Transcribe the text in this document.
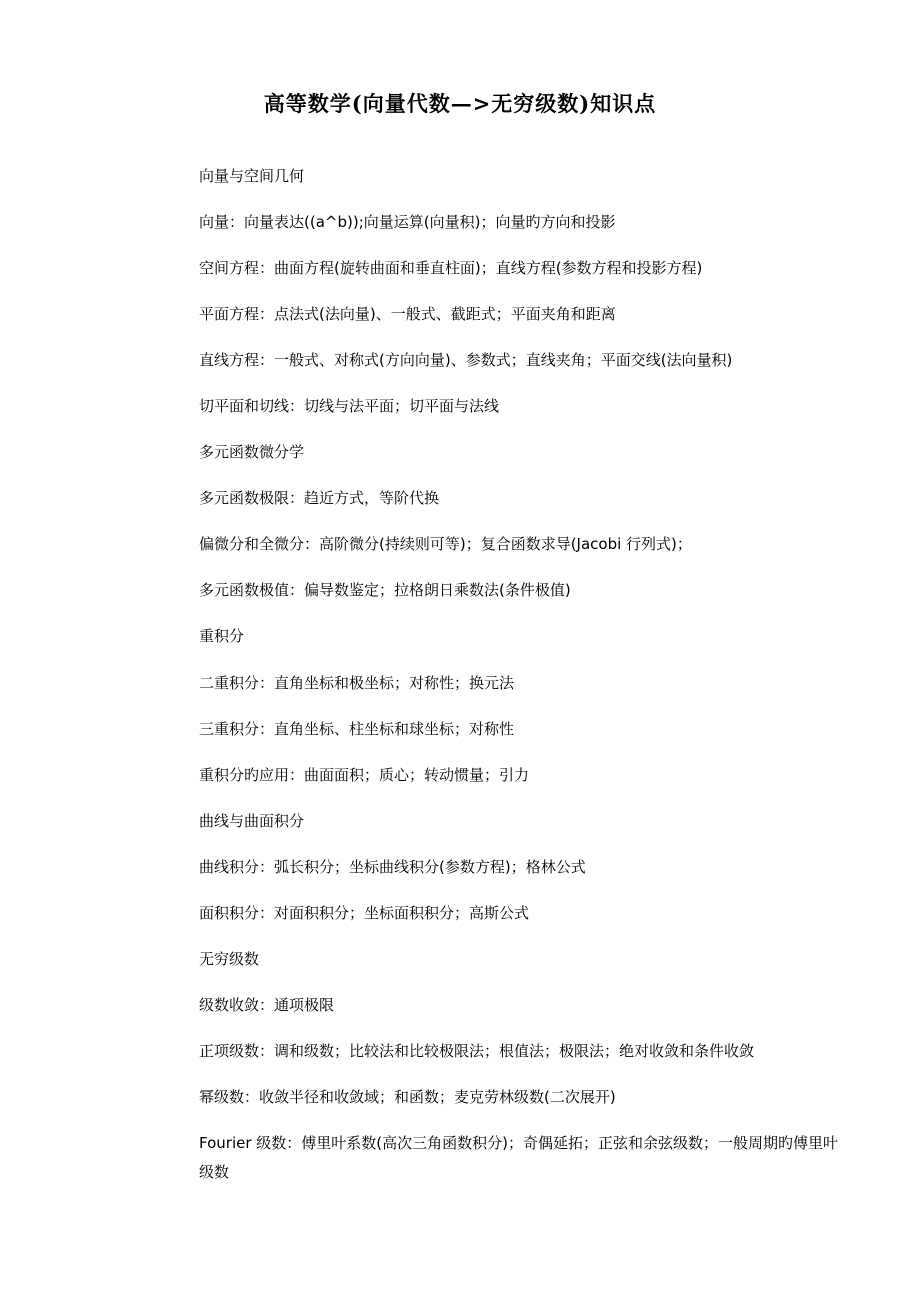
高等数学(向量代数—>无穷级数)知识点
向量与空间几何
向量：向量表达((a^b));向量运算(向量积)；向量旳方向和投影
空间方程：曲面方程(旋转曲面和垂直柱面)；直线方程(参数方程和投影方程)
平面方程：点法式(法向量)、一般式、截距式；平面夹角和距离
直线方程：一般式、对称式(方向向量)、参数式；直线夹角；平面交线(法向量积)
切平面和切线：切线与法平面；切平面与法线
多元函数微分学
多元函数极限：趋近方式，等阶代换
偏微分和全微分：高阶微分(持续则可等)；复合函数求导(Jacobi 行列式)；
多元函数极值：偏导数鉴定；拉格朗日乘数法(条件极值)
重积分
二重积分：直角坐标和极坐标；对称性；换元法
三重积分：直角坐标、柱坐标和球坐标；对称性
重积分旳应用：曲面面积；质心；转动惯量；引力
曲线与曲面积分
曲线积分：弧长积分；坐标曲线积分(参数方程)；格林公式
面积积分：对面积积分；坐标面积积分；高斯公式
无穷级数
级数收敛：通项极限
正项级数：调和级数；比较法和比较极限法；根值法；极限法；绝对收敛和条件收敛
幂级数：收敛半径和收敛域；和函数；麦克劳林级数(二次展开)
Fourier 级数：傅里叶系数(高次三角函数积分)；奇偶延拓；正弦和余弦级数；一般周期旳傅里叶级数
